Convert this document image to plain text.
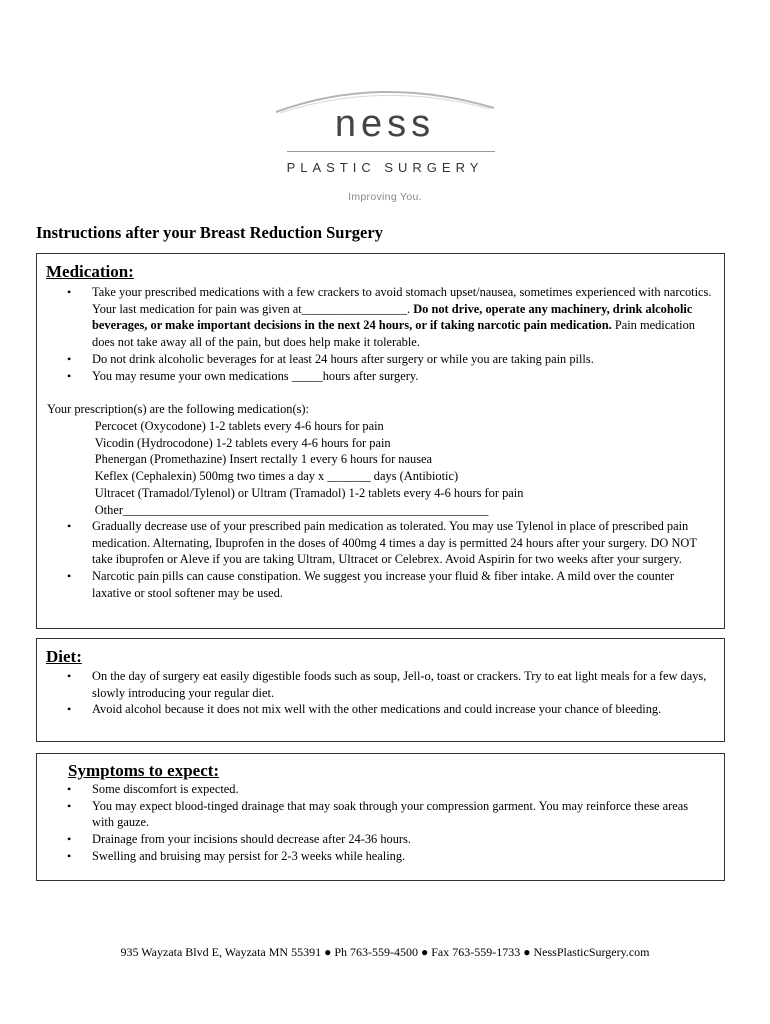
ness
PLASTIC SURGERY
Improving You.
Instructions after your Breast Reduction Surgery
Medication:
• Take your prescribed medications with a few crackers to avoid stomach upset/nausea, sometimes experienced with narcotics. Your last medication for pain was given at_________________. Do not drive, operate any machinery, drink alcoholic beverages, or make important decisions in the next 24 hours, or if taking narcotic pain medication. Pain medication does not take away all of the pain, but does help make it tolerable.
• Do not drink alcoholic beverages for at least 24 hours after surgery or while you are taking pain pills.
• You may resume your own medications _____hours after surgery.
Your prescription(s) are the following medication(s):
Percocet (Oxycodone) 1-2 tablets every 4-6 hours for pain
Vicodin (Hydrocodone) 1-2 tablets every 4-6 hours for pain
Phenergan (Promethazine) Insert rectally 1 every 6 hours for nausea
Keflex (Cephalexin) 500mg two times a day x _______ days (Antibiotic)
Ultracet (Tramadol/Tylenol) or Ultram (Tramadol) 1-2 tablets every 4-6 hours for pain
Other___________________________________________________________
• Gradually decrease use of your prescribed pain medication as tolerated. You may use Tylenol in place of prescribed pain medication. Alternating, Ibuprofen in the doses of 400mg 4 times a day is permitted 24 hours after your surgery. DO NOT take ibuprofen or Aleve if you are taking Ultram, Ultracet or Celebrex. Avoid Aspirin for two weeks after your surgery.
• Narcotic pain pills can cause constipation. We suggest you increase your fluid & fiber intake. A mild over the counter laxative or stool softener may be used.
Diet:
• On the day of surgery eat easily digestible foods such as soup, Jell-o, toast or crackers. Try to eat light meals for a few days, slowly introducing your regular diet.
• Avoid alcohol because it does not mix well with the other medications and could increase your chance of bleeding.
Symptoms to expect:
• Some discomfort is expected.
• You may expect blood-tinged drainage that may soak through your compression garment. You may reinforce these areas with gauze.
• Drainage from your incisions should decrease after 24-36 hours.
• Swelling and bruising may persist for 2-3 weeks while healing.
935 Wayzata Blvd E, Wayzata MN 55391 ● Ph 763-559-4500 ● Fax 763-559-1733 ● NessPlasticSurgery.com
